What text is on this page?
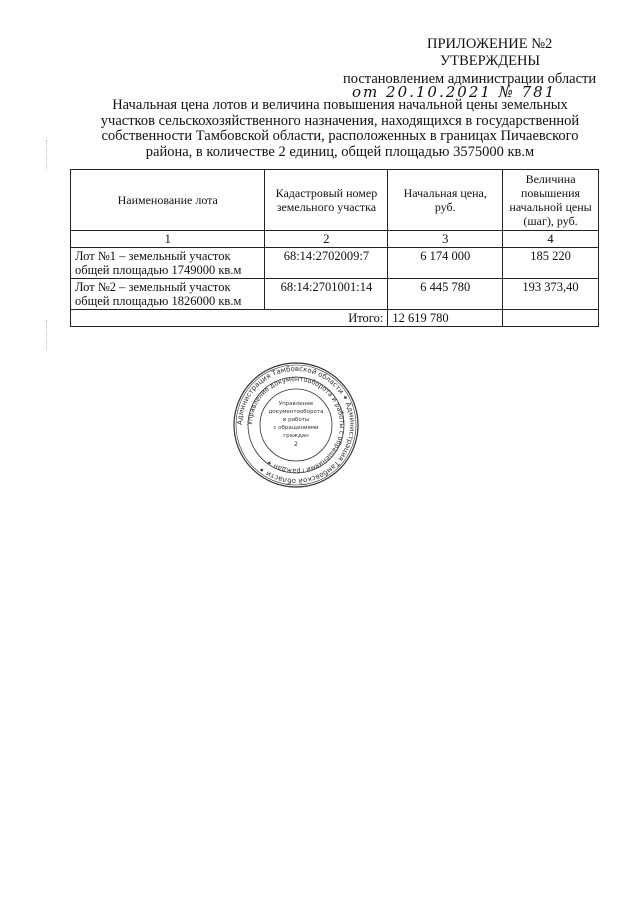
ПРИЛОЖЕНИЕ №2
УТВЕРЖДЕНЫ
постановлением администрации области
от 20.10.2021 № 781
Начальная цена лотов и величина повышения начальной цены земельных
участков сельскохозяйственного назначения, находящихся в государственной
собственности Тамбовской области, расположенных в границах Пичаевского
района, в количестве 2 единиц, общей площадью 3575000 кв.м
Наименование лота	Кадастровый номер земельного участка	Начальная цена, руб.	Величина повышения начальной цены (шаг), руб.
1	2	3	4

Лот №1 – земельный участок
общей площадью 1749000 кв.м	68:14:2702009:7	6 174 000	185 220

Лот №2 – земельный участок
общей площадью 1826000 кв.м	68:14:2701001:14	6 445 780	193 373,40
Итого:		12 619 780	
Администрация Тамбовской области ✦ Администрация Тамбовской области ✦
Управление документооборота и работы с обращениями граждан ✦
Управление
документооборота
и работы
с обращениями
граждан
2
